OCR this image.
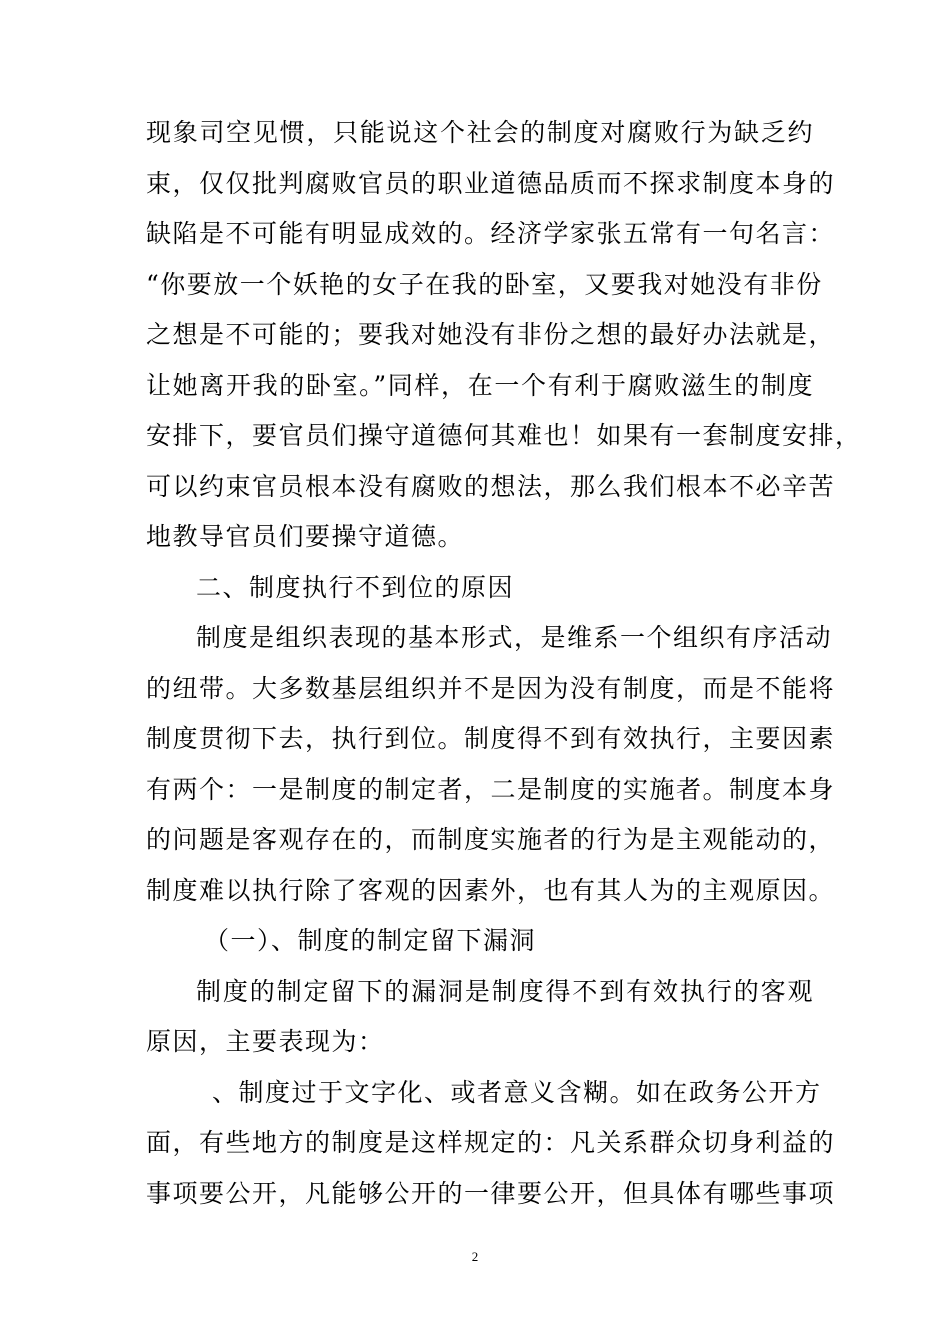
现象司空见惯，只能说这个社会的制度对腐败行为缺乏约
束，仅仅批判腐败官员的职业道德品质而不探求制度本身的
缺陷是不可能有明显成效的。经济学家张五常有一句名言：
“你要放一个妖艳的女子在我的卧室，又要我对她没有非份
之想是不可能的；要我对她没有非份之想的最好办法就是，
让她离开我的卧室。”同样，在一个有利于腐败滋生的制度
安排下，要官员们操守道德何其难也！如果有一套制度安排，
可以约束官员根本没有腐败的想法，那么我们根本不必辛苦
地教导官员们要操守道德。
二、制度执行不到位的原因
制度是组织表现的基本形式，是维系一个组织有序活动
的纽带。大多数基层组织并不是因为没有制度，而是不能将
制度贯彻下去，执行到位。制度得不到有效执行，主要因素
有两个：一是制度的制定者，二是制度的实施者。制度本身
的问题是客观存在的，而制度实施者的行为是主观能动的，
制度难以执行除了客观的因素外，也有其人为的主观原因。
（一）、制度的制定留下漏洞
制度的制定留下的漏洞是制度得不到有效执行的客观
原因，主要表现为：
、制度过于文字化、或者意义含糊。如在政务公开方
面，有些地方的制度是这样规定的：凡关系群众切身利益的
事项要公开，凡能够公开的一律要公开，但具体有哪些事项
2
